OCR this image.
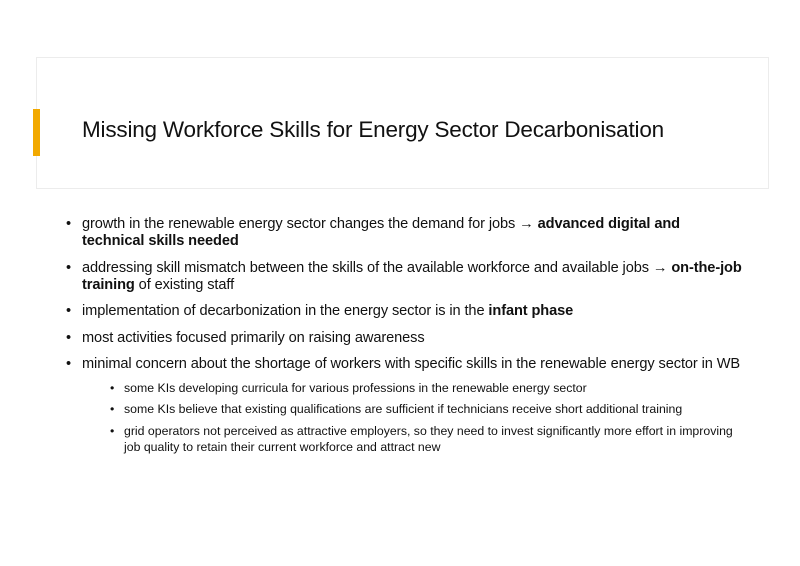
Missing Workforce Skills for Energy Sector Decarbonisation
• growth in the renewable energy sector changes the demand for jobs → advanced digital and technical skills needed
• addressing skill mismatch between the skills of the available workforce and available jobs → on-the-job training of existing staff
• implementation of decarbonization in the energy sector is in the infant phase
• most activities focused primarily on raising awareness
• minimal concern about the shortage of workers with specific skills in the renewable energy sector in WB
• some KIs developing curricula for various professions in the renewable energy sector
• some KIs believe that existing qualifications are sufficient if technicians receive short additional training
• grid operators not perceived as attractive employers, so they need to invest significantly more effort in improving job quality to retain their current workforce and attract new
